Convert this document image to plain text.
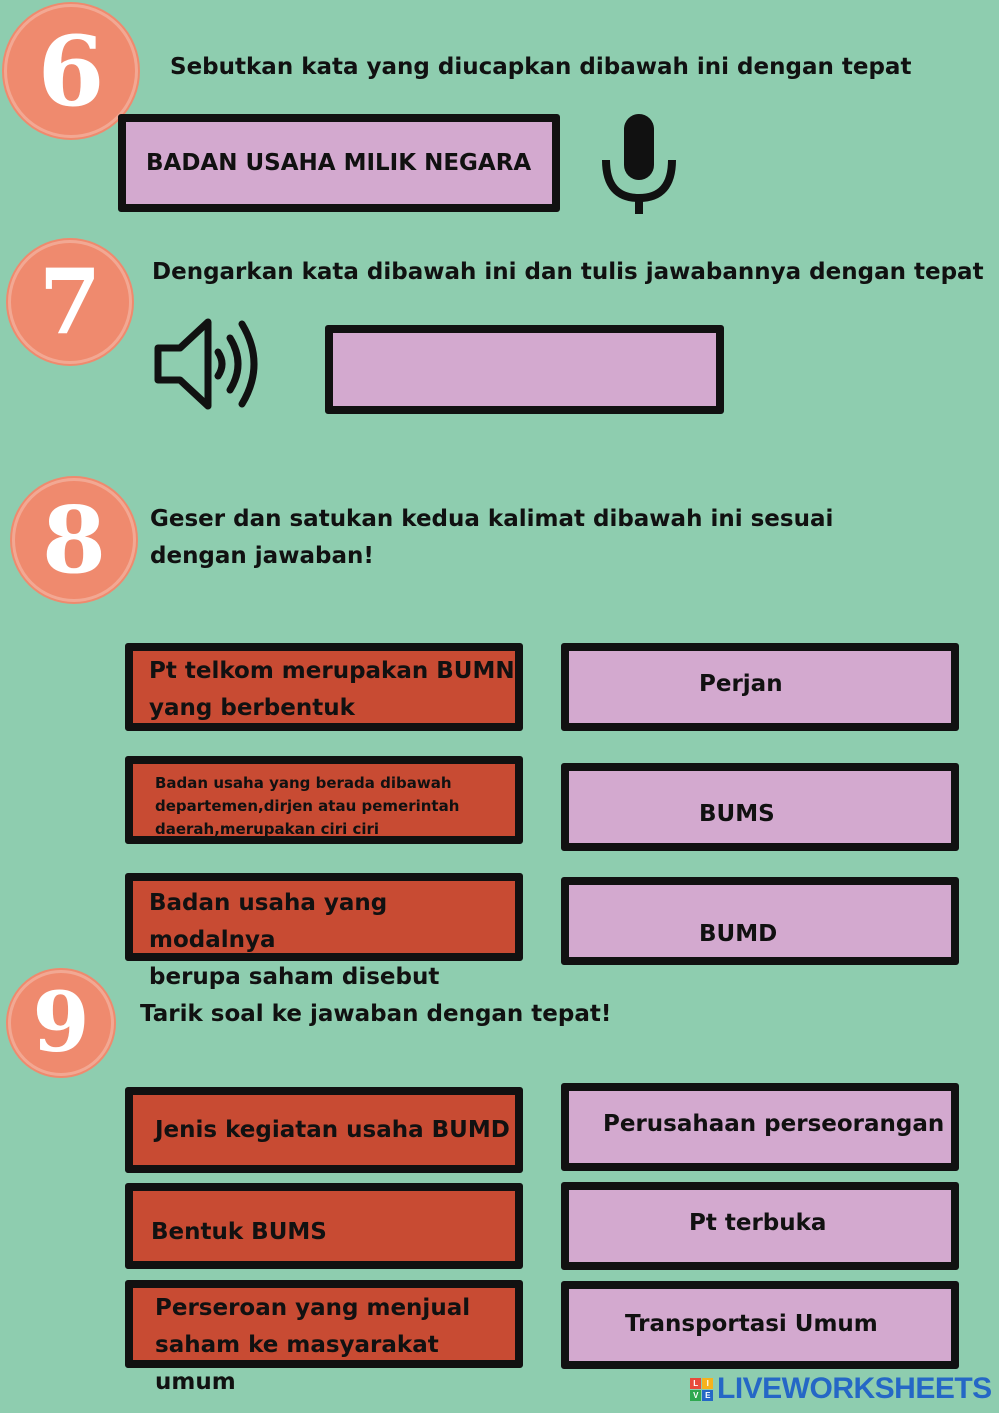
6	Sebutkan kata yang diucapkan dibawah ini dengan tepat
BADAN USAHA MILIK NEGARA
7 Dengarkan kata dibawah ini dan tulis jawabannya dengan tepat
8 Geser dan satukan kedua kalimat dibawah ini sesuai
dengan jawaban!
Pt telkom merupakan BUMN
yang berbentuk
Badan usaha yang berada dibawah
departemen,dirjen atau pemerintah
daerah,merupakan ciri ciri
Badan usaha yang modalnya
berupa saham disebut
Perjan
BUMS
BUMD
9 Tarik soal ke jawaban dengan tepat!
Jenis kegiatan usaha BUMD
Bentuk BUMS
Perseroan yang menjual
saham ke masyarakat umum
Perusahaan perseorangan
Pt terbuka
Transportasi Umum
L	I
V E LIVEWORKSHEETS
